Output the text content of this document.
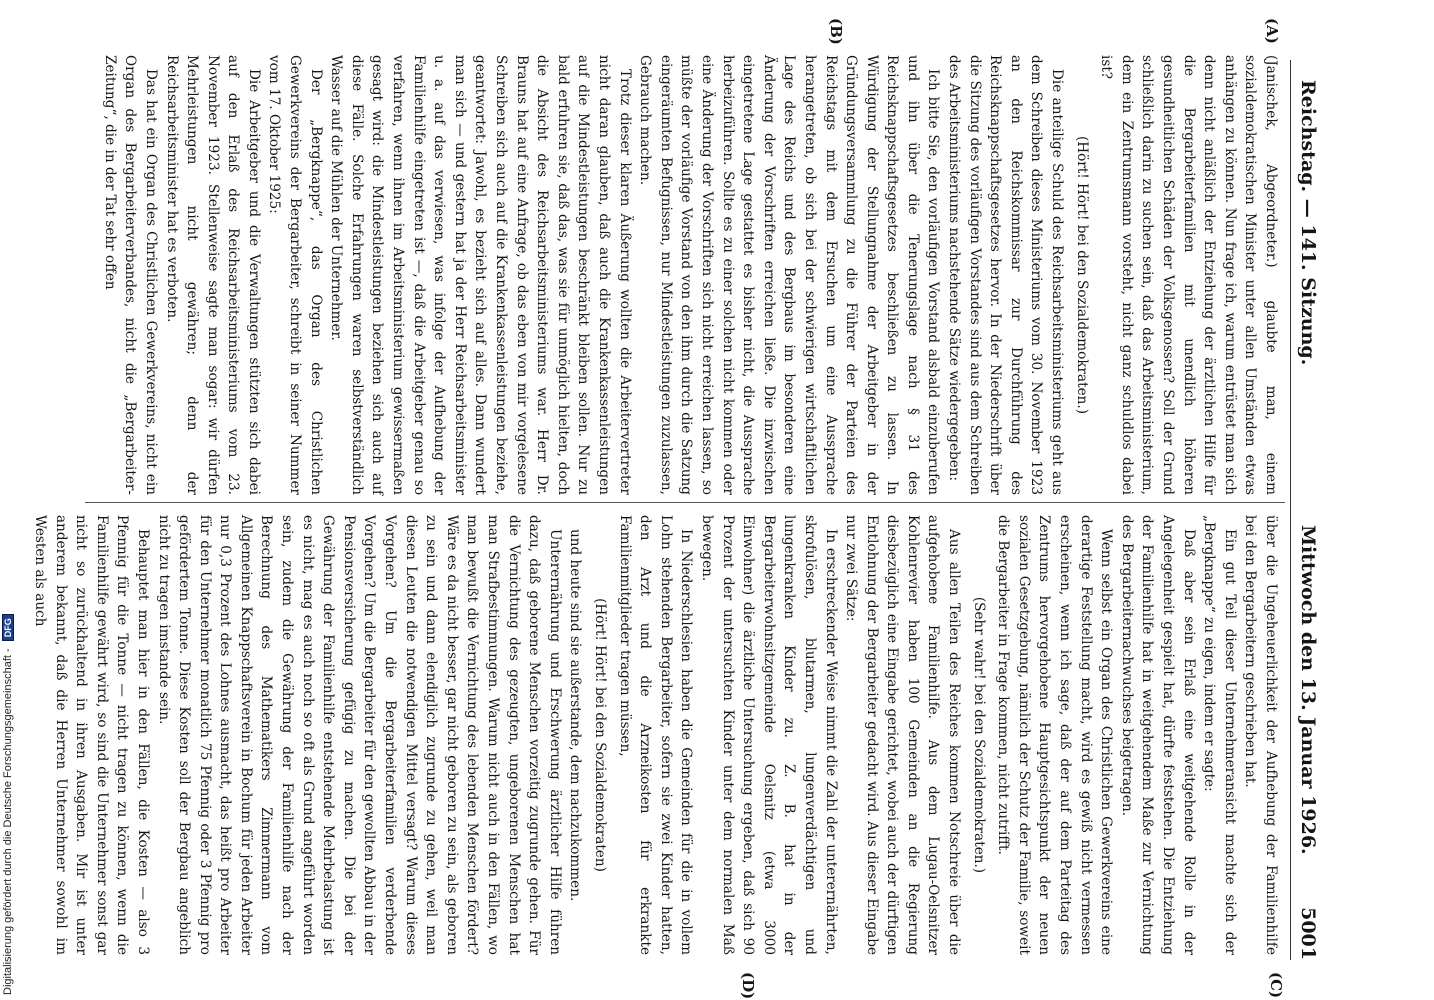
Reichstag. — 141. Sitzung.
Mittwoch den 13. Januar 1926.
5001
(A)
(B)
(C)
(D)

(Janischek, Abgeordneter.) glaubte man, einem sozialdemokratischen Minister unter allen Umständen etwas anhängen zu können. Nun frage ich, warum entrüstet man sich denn nicht anläßlich der Entziehung der ärztlichen Hilfe für die Bergarbeiterfamilien mit unendlich höheren gesundheitlichen Schäden der Volksgenossen? Soll der Grund schließlich darin zu suchen sein, daß das Arbeitsministerium, dem ein Zentrumsmann vorsteht, nicht ganz schuldlos dabei ist?

(Hört! Hört! bei den Sozialdemokraten.)

Die anteilige Schuld des Reichsarbeitsministeriums geht aus dem Schreiben dieses Ministeriums vom 30. November 1923 an den Reichskommissar zur Durchführung des Reichsknappschaftsgesetzes hervor. In der Niederschrift über die Sitzung des vorläufigen Vorstandes sind aus dem Schreiben des Arbeitsministeriums nachstehende Sätze wiedergegeben:

Ich bitte Sie, den vorläufigen Vorstand alsbald einzuberufen und ihn über die Tenerungslage nach § 31 des Reichsknappschaftsgesetzes beschließen zu lassen. In Würdigung der Stellungnahme der Arbeitgeber in der Gründungsversammlung zu die Führer der Parteien des Reichstags mit dem Ersuchen um eine Aussprache herangetreten, ob sich bei der schwierigen wirtschaftlichen Lage des Reichs und des Bergbaus im besonderen eine Änderung der Vorschriften erreichen ließe. Die inzwischen eingetretene Lage gestattet es bisher nicht, die Aussprache herbeizuführen. Sollte es zu einer solchen nicht kommen oder eine Änderung der Vorschriften sich nicht erreichen lassen, so müßte der vorläufige Vorstand von den ihm durch die Satzung eingeräumten Befugnissen, nur Mindestleistungen zuzulassen, Gebrauch machen.

Trotz dieser klaren Äußerung wollten die Arbeitervertreter nicht daran glauben, daß auch die Krankenkassenleistungen auf die Mindestleistungen beschränkt bleiben sollen. Nur zu bald erfuhren sie, daß das, was sie für unmöglich hielten, doch die Absicht des Reichsarbeitsministeriums war. Herr Dr. Brauns hat auf eine Anfrage, ob das eben von mir vorgelesene Schreiben sich auch auf die Krankenkassenleistungen beziehe, geantwortet: Jawohl, es bezieht sich auf alles. Dann wundert man sich — und gestern hat ja der Herr Reichsarbeitsminister u. a. auf das verwiesen, was infolge der Aufhebung der Familienhilfe eingetreten ist —, daß die Arbeitgeber genau so verfahren, wenn ihnen im Arbeitsministerium gewissermaßen gesagt wird: die Mindestleistungen beziehen sich auch auf diese Fälle. Solche Erfahrungen waren selbstverständlich Wasser auf die Mühlen der Unternehmer.

Der „Bergknappe“, das Organ des Christlichen Gewerkvereins der Bergarbeiter, schreibt in seiner Nummer vom 17. Oktober 1925:

Die Arbeitgeber und die Verwaltungen stützten sich dabei auf den Erlaß des Reichsarbeitsministeriums vom 23. November 1923. Stellenweise sagte man sogar: wir dürfen Mehrleistungen nicht gewähren; denn der Reichsarbeitsminister hat es verboten.

Das hat ein Organ des Christlichen Gewerkvereins, nicht ein Organ des Bergarbeiterverbandes, nicht die „Bergarbeiter-Zeitung“, die in der Tat sehr offen

über die Ungeheuerlichkeit der Aufhebung der Familienhilfe bei den Bergarbeitern geschrieben hat.

Ein gut Teil dieser Unternehmeransicht machte sich der „Bergknappe“ zu eigen, indem er sagte:

Daß aber sein Erlaß eine weitgehende Rolle in der Angelegenheit gespielt hat, dürfte feststehen. Die Entziehung der Familienhilfe hat in weitgehendem Maße zur Vernichtung des Bergarbeiternachwuchses beigetragen.

Wenn selbst ein Organ des Christlichen Gewerkvereins eine derartige Feststellung macht, wird es gewiß nicht vermessen erscheinen, wenn ich sage, daß der auf dem Parteitag des Zentrums hervorgehobene Hauptgesichtspunkt der neuen sozialen Gesetzgebung, nämlich der Schutz der Familie, soweit die Bergarbeiter in Frage kommen, nicht zutrifft.

(Sehr wahr! bei den Sozialdemokraten.)

Aus allen Teilen des Reiches kommen Notschreie über die aufgehobene Familienhilfe. Aus dem Lugau-Oelsnitzer Kohlenrevier haben 100 Gemeinden an die Regierung diesbezüglich eine Eingabe gerichtet, wobei auch der dürftigen Entlohnung der Bergarbeiter gedacht wird. Aus dieser Eingabe nur zwei Sätze:

In erschreckender Weise nimmt die Zahl der unterernährten, skrofulösen, blutarmen, lungenverdächtigen und lungenkranken Kinder zu. Z. B. hat in der Bergarbeiterwohnsitzgemeinde Oelsnitz (etwa 3000 Einwohner) die ärztliche Untersuchung ergeben, daß sich 90 Prozent der untersuchten Kinder unter dem normalen Maß bewegen.

In Niederschlesien haben die Gemeinden für die in vollem Lohn stehenden Bergarbeiter, sofern sie zwei Kinder hatten, den Arzt und die Arzneikosten für erkrankte Familienmitglieder tragen müssen,

(Hört! Hört! bei den Sozialdemokraten)

und heute sind sie außerstande, dem nachzukommen.

Unterernährung und Erschwerung ärztlicher Hilfe führen dazu, daß geborene Menschen vorzeitig zugrunde gehen. Für die Vernichtung des gezeugten, ungeborenen Menschen hat man Strafbestimmungen. Warum nicht auch in den Fällen, wo man bewußt die Vernichtung des lebenden Menschen fördert? Wäre es da nicht besser, gar nicht geboren zu sein, als geboren zu sein und dann elendiglich zugrunde zu gehen, weil man diesen Leuten die notwendigen Mittel versagt? Warum dieses Vorgehen? Um die Bergarbeiterfamilien verderbende Vorgehen? Um die Bergarbeiter für den gewollten Abbau in der Pensionsversicherung gefügig zu machen. Die bei der Gewährung der Familienhilfe entstehende Mehrbelastung ist es nicht, mag es auch noch so oft als Grund angeführt worden sein, zudem die Gewährung der Familienhilfe nach der Berechnung des Mathematikers Zimmermann vom Allgemeinen Knappschaftsverein in Bochum für jeden Arbeiter nur 0,3 Prozent des Lohnes ausmacht, das heißt pro Arbeiter für den Unternehmer monatlich 75 Pfennig oder 3 Pfennig pro gefördertem Tonne. Diese Kosten soll der Bergbau angeblich nicht zu tragen imstande sein.

Behauptet man hier in den Fällen, die Kosten — also 3 Pfennig für die Tonne — nicht tragen zu können, wenn die Familienhilfe gewährt wird, so sind die Unternehmer sonst gar nicht so zurückhaltend in ihren Ausgaben. Mir ist unter anderem bekannt, daß die Herren Unternehmer sowohl im Westen als auch

Digitalisierung gefördert durch die Deutsche Forschungsgemeinschaft - DFG
